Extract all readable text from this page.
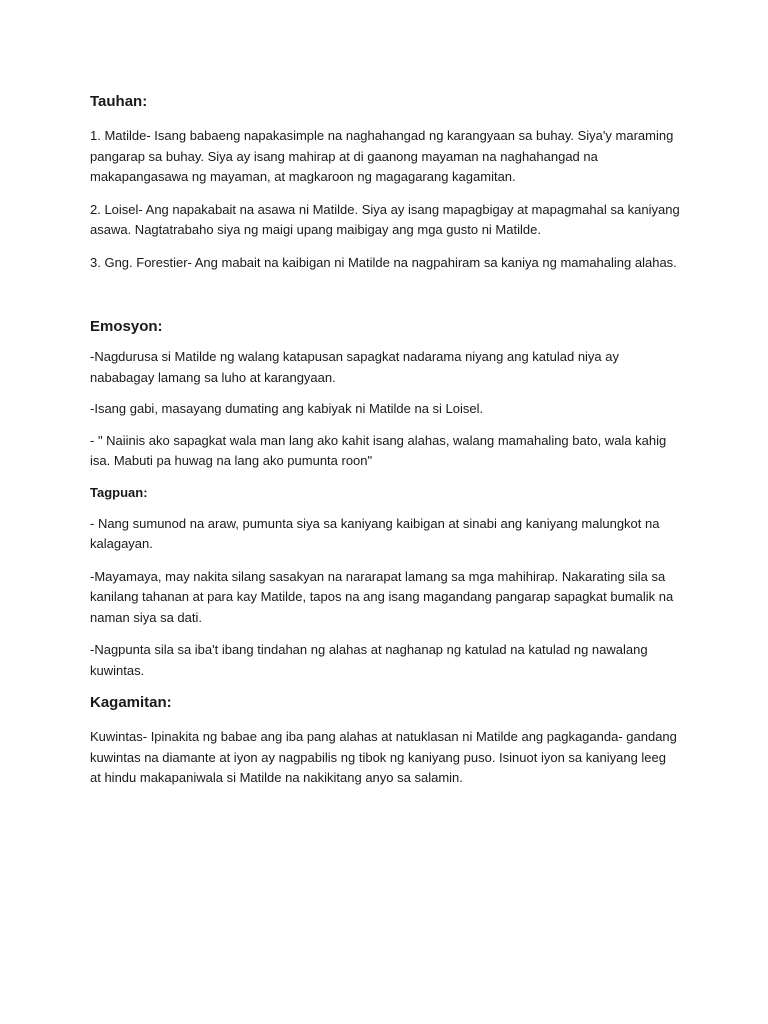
Tauhan:

1. Matilde- Isang babaeng napakasimple na naghahangad ng karangyaan sa buhay. Siya'y maraming pangarap sa buhay. Siya ay isang mahirap at di gaanong mayaman na naghahangad na makapangasawa ng mayaman, at magkaroon ng magagarang kagamitan.

2. Loisel- Ang napakabait na asawa ni Matilde. Siya ay isang mapagbigay at mapagmahal sa kaniyang asawa. Nagtatrabaho siya ng maigi upang maibigay ang mga gusto ni Matilde.

3. Gng. Forestier- Ang mabait na kaibigan ni Matilde na nagpahiram sa kaniya ng mamahaling alahas.

Emosyon:

-Nagdurusa si Matilde ng walang katapusan sapagkat nadarama niyang ang katulad niya ay nababagay lamang sa luho at karangyaan.

-Isang gabi, masayang dumating ang kabiyak ni Matilde na si Loisel.

- " Naiinis ako sapagkat wala man lang ako kahit isang alahas, walang mamahaling bato, wala kahig isa. Mabuti pa huwag na lang ako pumunta roon"

Tagpuan:

- Nang sumunod na araw, pumunta siya sa kaniyang kaibigan at sinabi ang kaniyang malungkot na kalagayan.

-Mayamaya, may nakita silang sasakyan na nararapat lamang sa mga mahihirap. Nakarating sila sa kanilang tahanan at para kay Matilde, tapos na ang isang magandang pangarap sapagkat bumalik na naman siya sa dati.

-Nagpunta sila sa iba't ibang tindahan ng alahas at naghanap ng katulad na katulad ng nawalang kuwintas.

Kagamitan:

Kuwintas- Ipinakita ng babae ang iba pang alahas at natuklasan ni Matilde ang pagkaganda- gandang kuwintas na diamante at iyon ay nagpabilis ng tibok ng kaniyang puso. Isinuot iyon sa kaniyang leeg at hindu makapaniwala si Matilde na nakikitang anyo sa salamin.
